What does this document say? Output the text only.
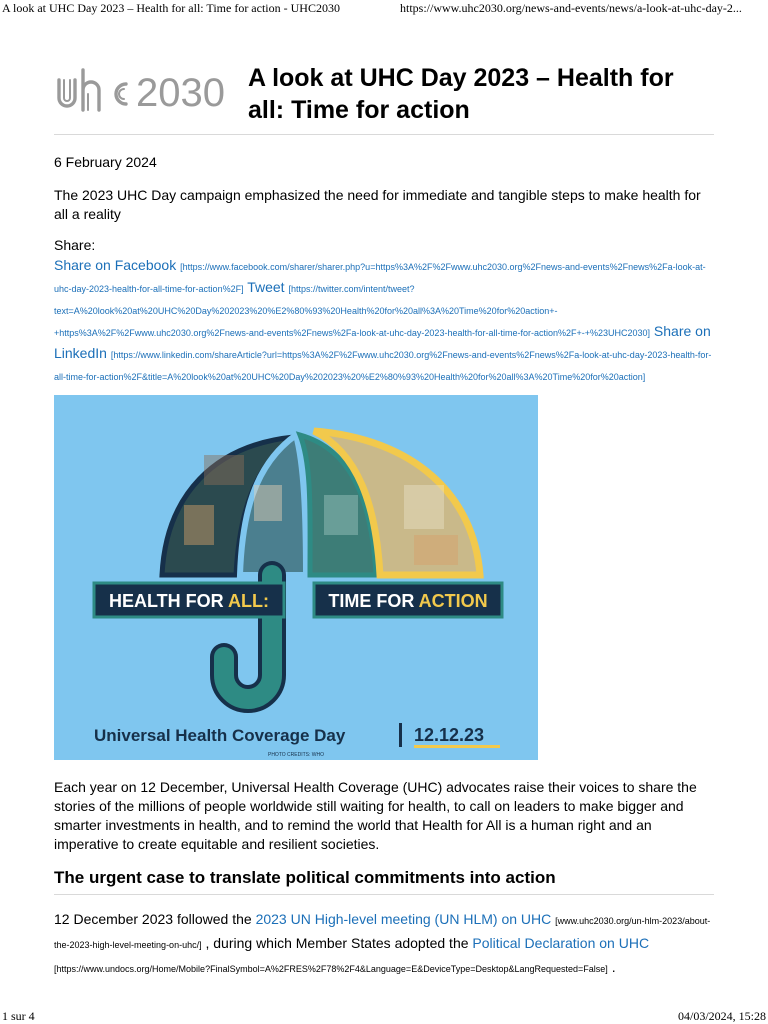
A look at UHC Day 2023 – Health for all: Time for action - UHC2030	https://www.uhc2030.org/news-and-events/news/a-look-at-uhc-day-2...
2030 A look at UHC Day 2023 – Health for all: Time for action
6 February 2024

The 2023 UHC Day campaign emphasized the need for immediate and tangible steps to make health for all a reality

Share:
Share on Facebook [https://www.facebook.com/sharer/sharer.php?u=https%3A%2F%2Fwww.uhc2030.org%2Fnews-and-events%2Fnews%2Fa-look-at-uhc-day-2023-health-for-all-time-for-action%2F] Tweet [https://twitter.com/intent/tweet?text=A%20look%20at%20UHC%20Day%202023%20%E2%80%93%20Health%20for%20all%3A%20Time%20for%20action+-+https%3A%2F%2Fwww.uhc2030.org%2Fnews-and-events%2Fnews%2Fa-look-at-uhc-day-2023-health-for-all-time-for-action%2F+-+%23UHC2030] Share on LinkedIn [https://www.linkedin.com/shareArticle?url=https%3A%2F%2Fwww.uhc2030.org%2Fnews-and-events%2Fnews%2Fa-look-at-uhc-day-2023-health-for-all-time-for-action%2F&title=A%20look%20at%20UHC%20Day%202023%20%E2%80%93%20Health%20for%20all%3A%20Time%20for%20action]
HEALTH FOR ALL:	TIME FOR ACTION
Universal Health Coverage Day	12.12.23
PHOTO CREDITS: WHO

Each year on 12 December, Universal Health Coverage (UHC) advocates raise their voices to share the stories of the millions of people worldwide still waiting for health, to call on leaders to make bigger and smarter investments in health, and to remind the world that Health for All is a human right and an imperative to create equitable and resilient societies.

The urgent case to translate political commitments into action

12 December 2023 followed the 2023 UN High-level meeting (UN HLM) on UHC [www.uhc2030.org/un-hlm-2023/about-the-2023-high-level-meeting-on-uhc/] , during which Member States adopted the Political Declaration on UHC [https://www.undocs.org/Home/Mobile?FinalSymbol=A%2FRES%2F78%2F4&Language=E&DeviceType=Desktop&LangRequested=False] .

1 sur 4	04/03/2024, 15:28
